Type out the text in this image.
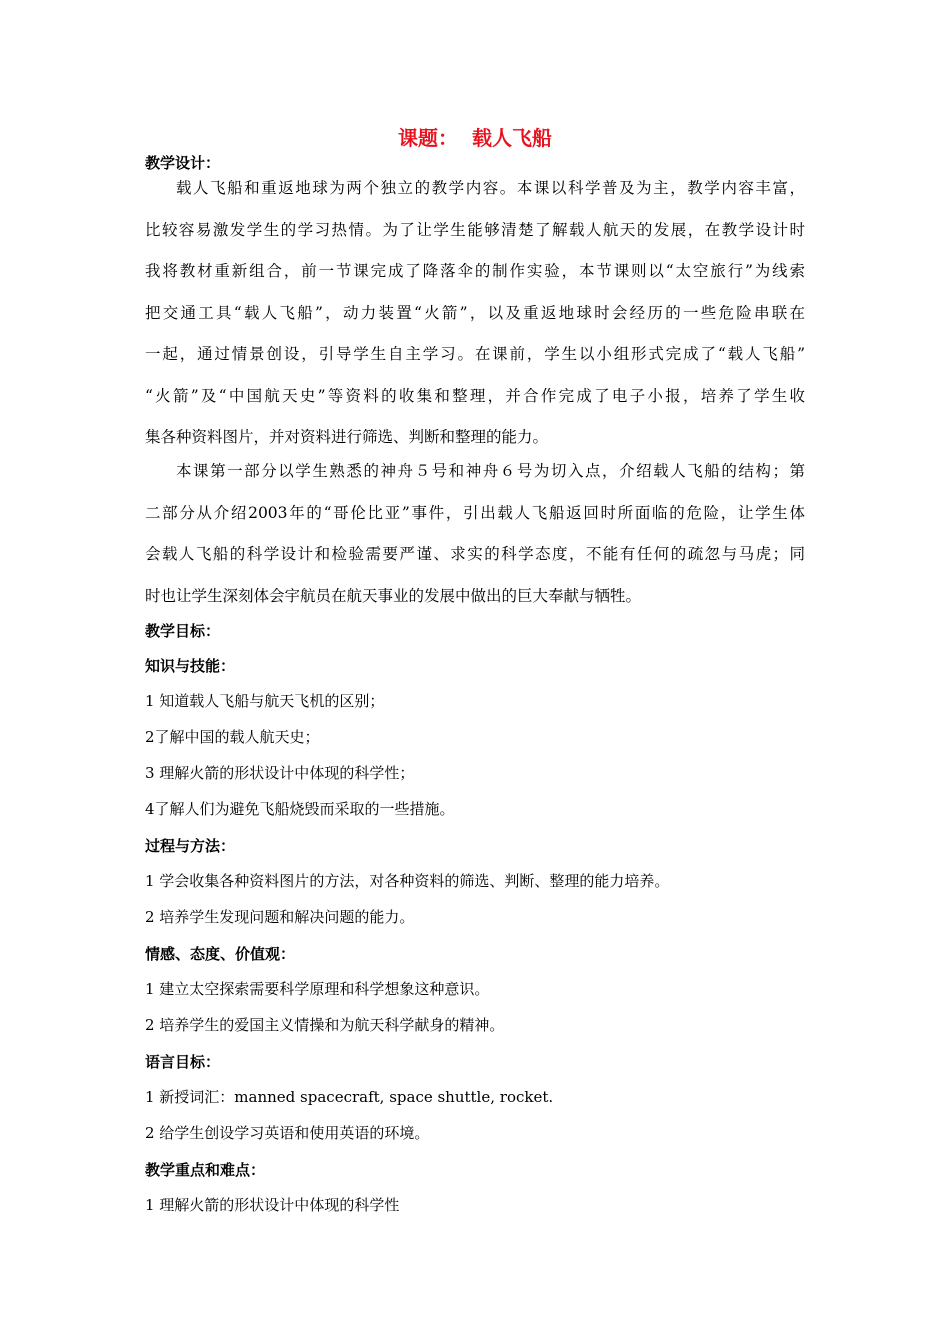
课题：  载人飞船
教学设计：
载人飞船和重返地球为两个独立的教学内容。本课以科学普及为主，教学内容丰富，
比较容易激发学生的学习热情。为了让学生能够清楚了解载人航天的发展，在教学设计时
我将教材重新组合，前一节课完成了降落伞的制作实验，本节课则以“太空旅行”为线索
把交通工具“载人飞船”，动力装置“火箭”，以及重返地球时会经历的一些危险串联在
一起，通过情景创设，引导学生自主学习。在课前，学生以小组形式完成了“载人飞船”
“火箭”及“中国航天史”等资料的收集和整理，并合作完成了电子小报，培养了学生收
集各种资料图片，并对资料进行筛选、判断和整理的能力。
本课第一部分以学生熟悉的神舟５号和神舟６号为切入点，介绍载人飞船的结构；第
二部分从介绍2003年的“哥伦比亚”事件，引出载人飞船返回时所面临的危险，让学生体
会载人飞船的科学设计和检验需要严谨、求实的科学态度，不能有任何的疏忽与马虎；同
时也让学生深刻体会宇航员在航天事业的发展中做出的巨大奉献与牺牲。
教学目标：
知识与技能：
1 知道载人飞船与航天飞机的区别；
2了解中国的载人航天史；
3 理解火箭的形状设计中体现的科学性；
4了解人们为避免飞船烧毁而采取的一些措施。
过程与方法：
1 学会收集各种资料图片的方法，对各种资料的筛选、判断、整理的能力培养。
2 培养学生发现问题和解决问题的能力。
情感、态度、价值观：
1 建立太空探索需要科学原理和科学想象这种意识。
2 培养学生的爱国主义情操和为航天科学献身的精神。
语言目标：
1 新授词汇：manned spacecraft, space shuttle, rocket.
2 给学生创设学习英语和使用英语的环境。
教学重点和难点：
1 理解火箭的形状设计中体现的科学性
